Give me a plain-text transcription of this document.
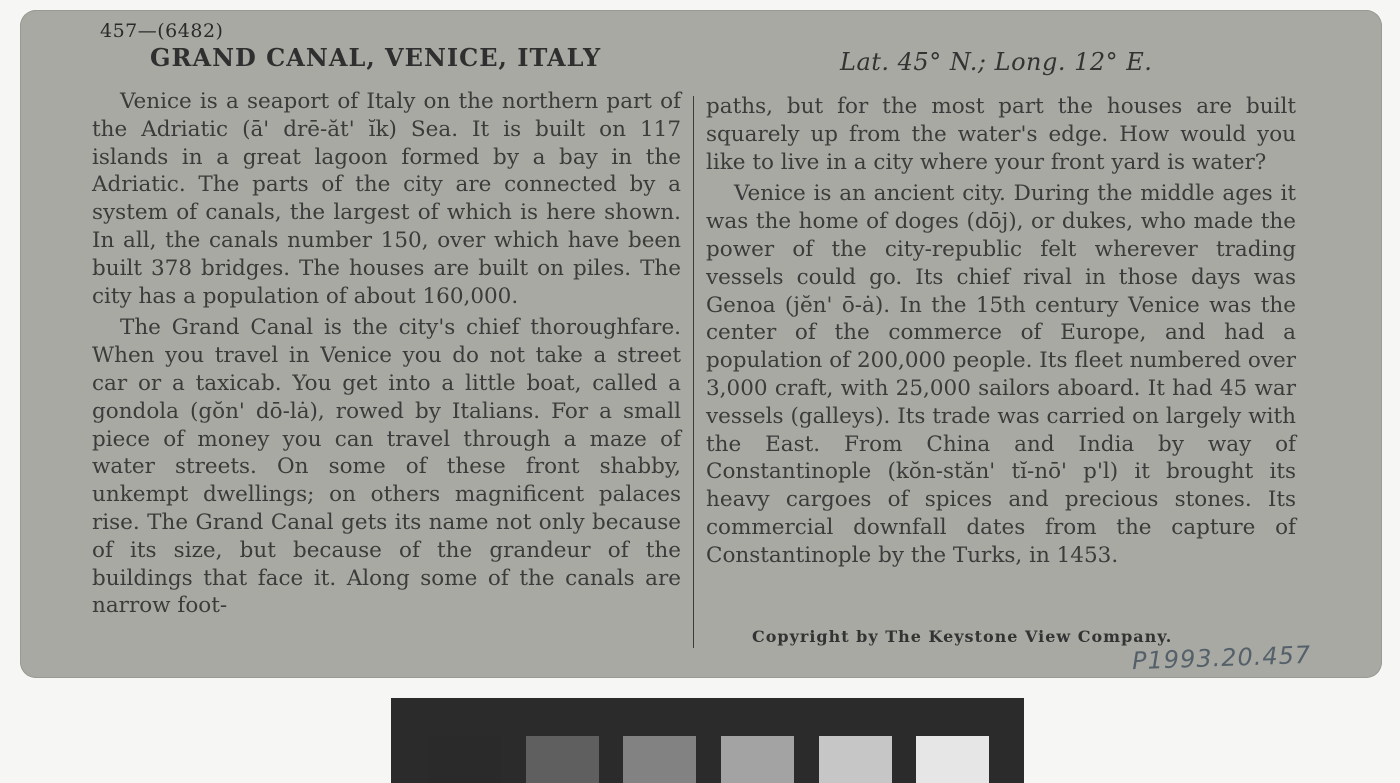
457—(6482)
GRAND CANAL, VENICE, ITALY	Lat. 45° N.; Long. 12° E.

Venice is a seaport of Italy on the northern part of the Adriatic (ā' drē-ăt' ĭk) Sea. It is built on 117 islands in a great lagoon formed by a bay in the Adriatic. The parts of the city are connected by a system of canals, the largest of which is here shown. In all, the canals number 150, over which have been built 378 bridges. The houses are built on piles. The city has a population of about 160,000.

The Grand Canal is the city's chief thoroughfare. When you travel in Venice you do not take a street car or a taxicab. You get into a little boat, called a gondola (gŏn' dō-lȧ), rowed by Italians. For a small piece of money you can travel through a maze of water streets. On some of these front shabby, unkempt dwellings; on others magnificent palaces rise. The Grand Canal gets its name not only because of its size, but because of the grandeur of the buildings that face it. Along some of the canals are narrow foot-

paths, but for the most part the houses are built squarely up from the water's edge. How would you like to live in a city where your front yard is water?

Venice is an ancient city. During the middle ages it was the home of doges (dōj), or dukes, who made the power of the city-republic felt wherever trading vessels could go. Its chief rival in those days was Genoa (jĕn' ō-ȧ). In the 15th century Venice was the center of the commerce of Europe, and had a population of 200,000 people. Its fleet numbered over 3,000 craft, with 25,000 sailors aboard. It had 45 war vessels (galleys). Its trade was carried on largely with the East. From China and India by way of Constantinople (kŏn-stăn' tĭ-nō' p'l) it brought its heavy cargoes of spices and precious stones. Its commercial downfall dates from the capture of Constantinople by the Turks, in 1453.

Copyright by The Keystone View Company.
P1993.20.457
